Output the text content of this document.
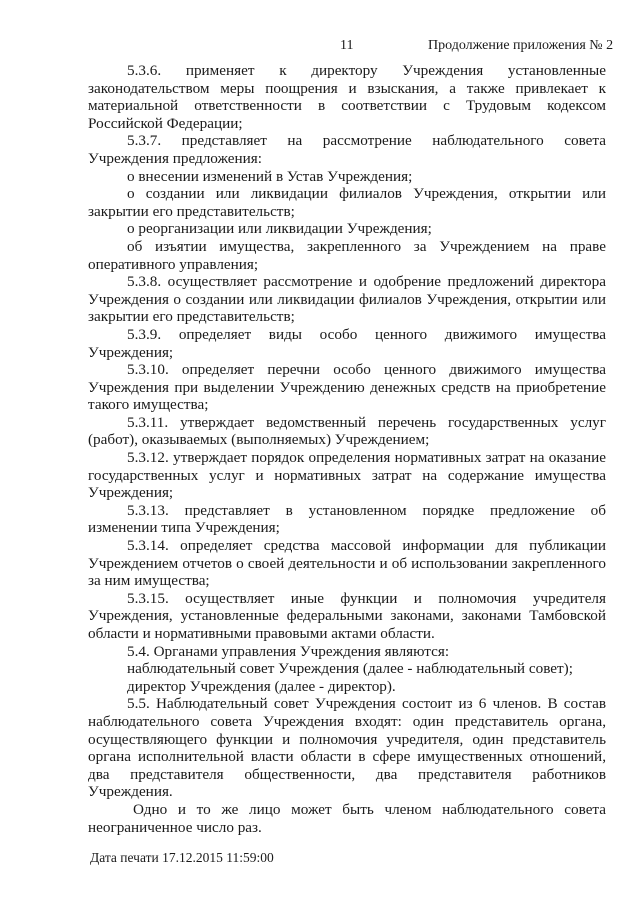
11	Продолжение приложения № 2

5.3.6. применяет к директору Учреждения установленные законодательством меры поощрения и взыскания, а также привлекает к материальной ответственности в соответствии с Трудовым кодексом Российской Федерации;

5.3.7. представляет на рассмотрение наблюдательного совета Учреждения предложения:

о внесении изменений в Устав Учреждения;

о создании или ликвидации филиалов Учреждения, открытии или закрытии его представительств;

о реорганизации или ликвидации Учреждения;

об изъятии имущества, закрепленного за Учреждением на праве оперативного управления;

5.3.8. осуществляет рассмотрение и одобрение предложений директора Учреждения о создании или ликвидации филиалов Учреждения, открытии или закрытии его представительств;

5.3.9. определяет виды особо ценного движимого имущества Учреждения;

5.3.10. определяет перечни особо ценного движимого имущества Учреждения при выделении Учреждению денежных средств на приобретение такого имущества;

5.3.11. утверждает ведомственный перечень государственных услуг (работ), оказываемых (выполняемых) Учреждением;

5.3.12. утверждает порядок определения нормативных затрат на оказание государственных услуг и нормативных затрат на содержание имущества Учреждения;

5.3.13. представляет в установленном порядке предложение об изменении типа Учреждения;

5.3.14. определяет средства массовой информации для публикации Учреждением отчетов о своей деятельности и об использовании закрепленного за ним имущества;

5.3.15. осуществляет иные функции и полномочия учредителя Учреждения, установленные федеральными законами, законами Тамбовской области и нормативными правовыми актами области.

5.4. Органами управления Учреждения являются:

наблюдательный совет Учреждения (далее - наблюдательный совет);

директор Учреждения (далее - директор).

5.5. Наблюдательный совет Учреждения состоит из 6 членов. В состав наблюдательного совета Учреждения входят: один представитель органа, осуществляющего функции и полномочия учредителя, один представитель органа исполнительной власти области в сфере имущественных отношений, два представителя общественности, два представителя работников Учреждения.

Одно и то же лицо может быть членом наблюдательного совета неограниченное число раз.

Дата печати 17.12.2015 11:59:00
